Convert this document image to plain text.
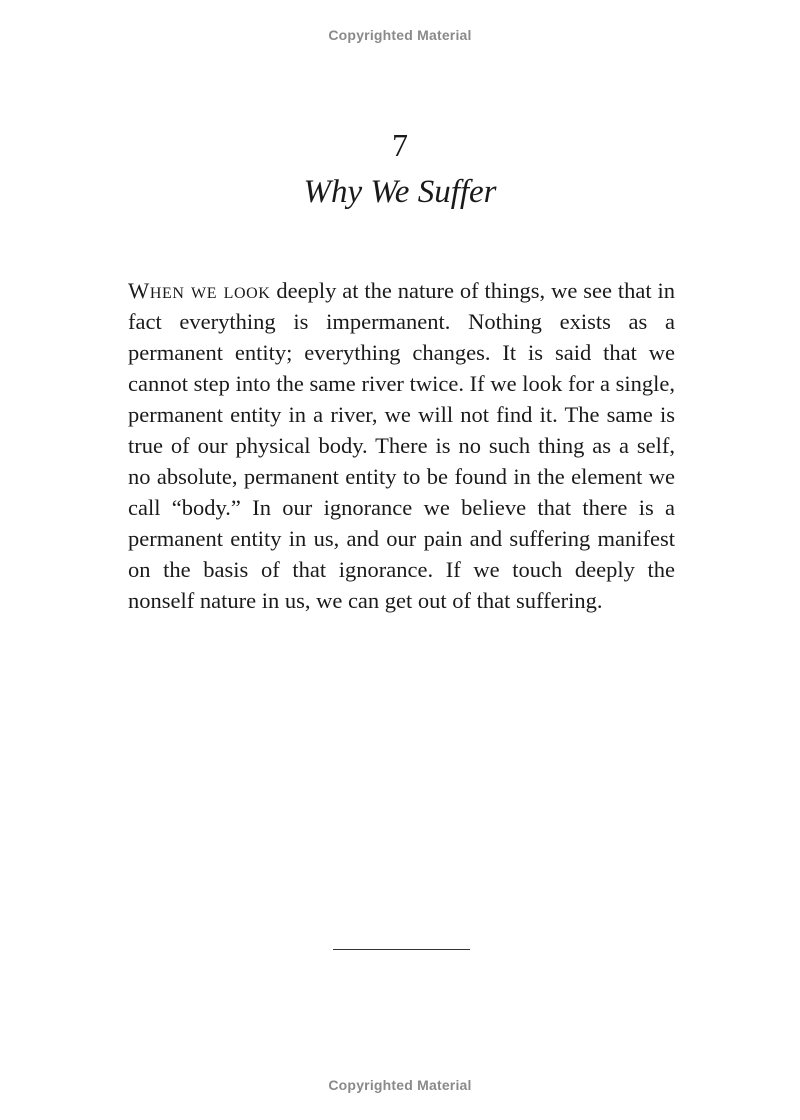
Copyrighted Material
7
Why We Suffer

When we look deeply at the nature of things, we see that in fact everything is impermanent. Nothing exists as a permanent entity; everything changes. It is said that we cannot step into the same river twice. If we look for a single, permanent entity in a river, we will not find it. The same is true of our physical body. There is no such thing as a self, no absolute, permanent entity to be found in the element we call “body.” In our ignorance we believe that there is a permanent entity in us, and our pain and suffering manifest on the basis of that ignorance. If we touch deeply the nonself nature in us, we can get out of that suffering.

Copyrighted Material
